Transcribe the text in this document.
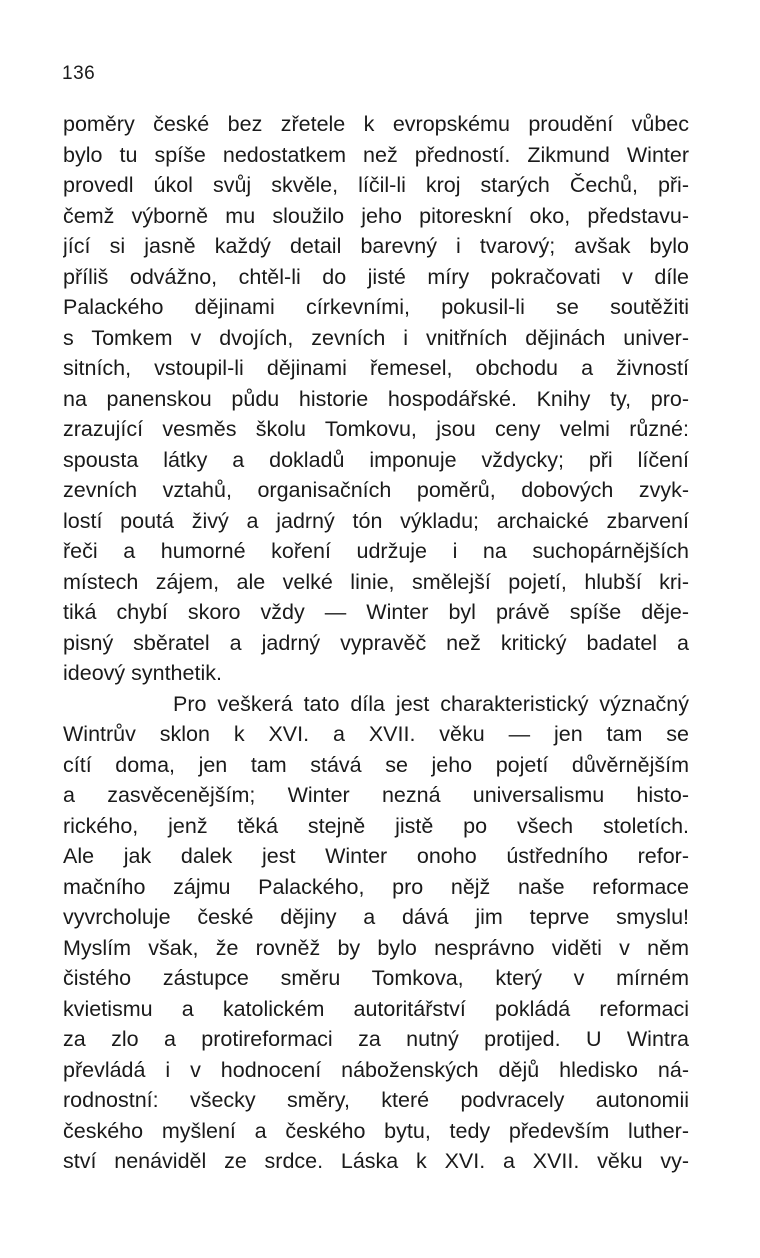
136
poměry české bez zřetele k evropskému proudění vůbec
bylo tu spíše nedostatkem než předností. Zikmund Winter
provedl úkol svůj skvěle, líčil-li kroj starých Čechů, při-
čemž výborně mu sloužilo jeho pitoreskní oko, představu-
jící si jasně každý detail barevný i tvarový; avšak bylo
příliš odvážno, chtěl-li do jisté míry pokračovati v díle
Palackého dějinami církevními, pokusil-li se soutěžiti
s Tomkem v dvojích, zevních i vnitřních dějinách univer-
sitních, vstoupil-li dějinami řemesel, obchodu a živností
na panenskou půdu historie hospodářské. Knihy ty, pro-
zrazující vesměs školu Tomkovu, jsou ceny velmi různé:
spousta látky a dokladů imponuje vždycky; při líčení
zevních vztahů, organisačních poměrů, dobových zvyk-
lostí poutá živý a jadrný tón výkladu; archaické zbarvení
řeči a humorné koření udržuje i na suchopárnějších
místech zájem, ale velké linie, smělejší pojetí, hlubší kri-
tiká chybí skoro vždy — Winter byl právě spíše děje-
pisný sběratel a jadrný vypravěč než kritický badatel a
ideový synthetik.
Pro veškerá tato díla jest charakteristický význačný
Wintrův sklon k XVI. a XVII. věku — jen tam se
cítí doma, jen tam stává se jeho pojetí důvěrnějším
a zasvěcenějším; Winter nezná universalismu histo-
rického, jenž těká stejně jistě po všech stoletích.
Ale jak dalek jest Winter onoho ústředního refor-
mačního zájmu Palackého, pro nějž naše reformace
vyvrcholuje české dějiny a dává jim teprve smyslu!
Myslím však, že rovněž by bylo nesprávno viděti v něm
čistého zástupce směru Tomkova, který v mírném
kvietismu a katolickém autoritářství pokládá reformaci
za zlo a protireformaci za nutný protijed. U Wintra
převládá i v hodnocení náboženských dějů hledisko ná-
rodnostní: všecky směry, které podvracely autonomii
českého myšlení a českého bytu, tedy především luther-
ství nenáviděl ze srdce. Láska k XVI. a XVII. věku vy-
